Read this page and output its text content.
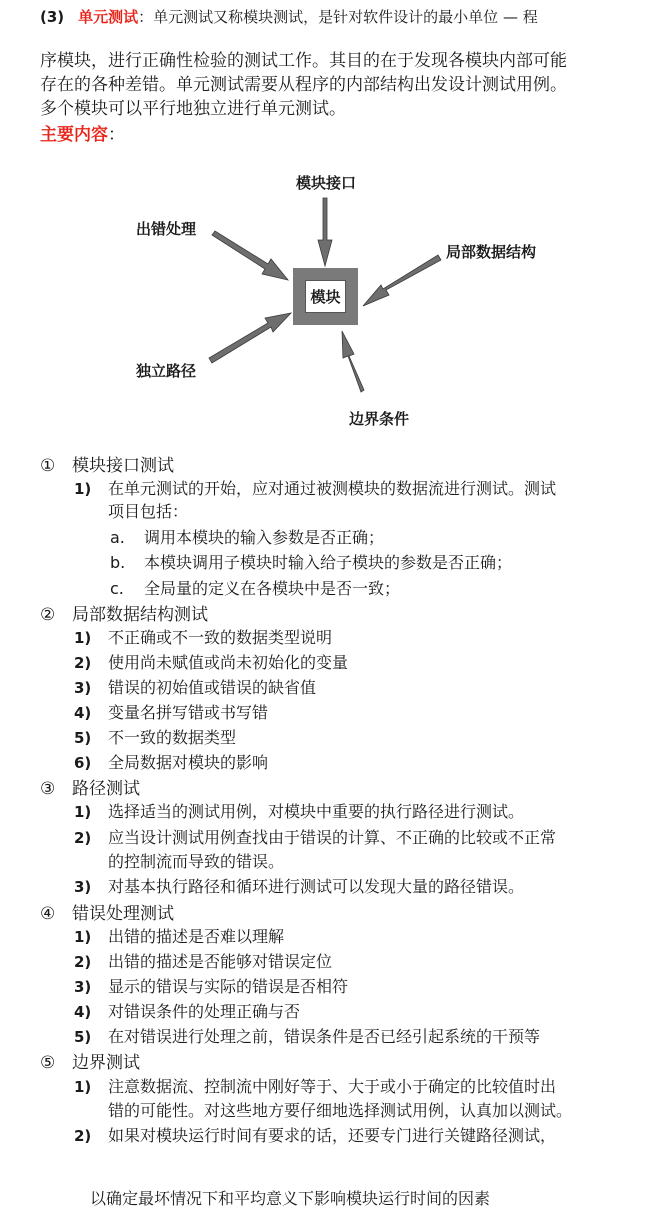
(3) 单元测试：单元测试又称模块测试，是针对软件设计的最小单位 — 程
序模块，进行正确性检验的测试工作。其目的在于发现各模块内部可能
存在的各种差错。单元测试需要从程序的内部结构出发设计测试用例。
多个模块可以平行地独立进行单元测试。
主要内容：
模块接口
出错处理
局部数据结构
独立路径
边界条件
模块
① 模块接口测试
1) 在单元测试的开始，应对通过被测模块的数据流进行测试。测试
项目包括：
a. 调用本模块的输入参数是否正确；
b. 本模块调用子模块时输入给子模块的参数是否正确；
c. 全局量的定义在各模块中是否一致；
② 局部数据结构测试
1) 不正确或不一致的数据类型说明
2) 使用尚未赋值或尚未初始化的变量
3) 错误的初始值或错误的缺省值
4) 变量名拼写错或书写错
5) 不一致的数据类型
6) 全局数据对模块的影响
③ 路径测试
1) 选择适当的测试用例，对模块中重要的执行路径进行测试。
2) 应当设计测试用例查找由于错误的计算、不正确的比较或不正常
的控制流而导致的错误。
3) 对基本执行路径和循环进行测试可以发现大量的路径错误。
④ 错误处理测试
1) 出错的描述是否难以理解
2) 出错的描述是否能够对错误定位
3) 显示的错误与实际的错误是否相符
4) 对错误条件的处理正确与否
5) 在对错误进行处理之前，错误条件是否已经引起系统的干预等
⑤ 边界测试
1) 注意数据流、控制流中刚好等于、大于或小于确定的比较值时出
错的可能性。对这些地方要仔细地选择测试用例，认真加以测试。
2) 如果对模块运行时间有要求的话，还要专门进行关键路径测试，
以确定最坏情况下和平均意义下影响模块运行时间的因素
